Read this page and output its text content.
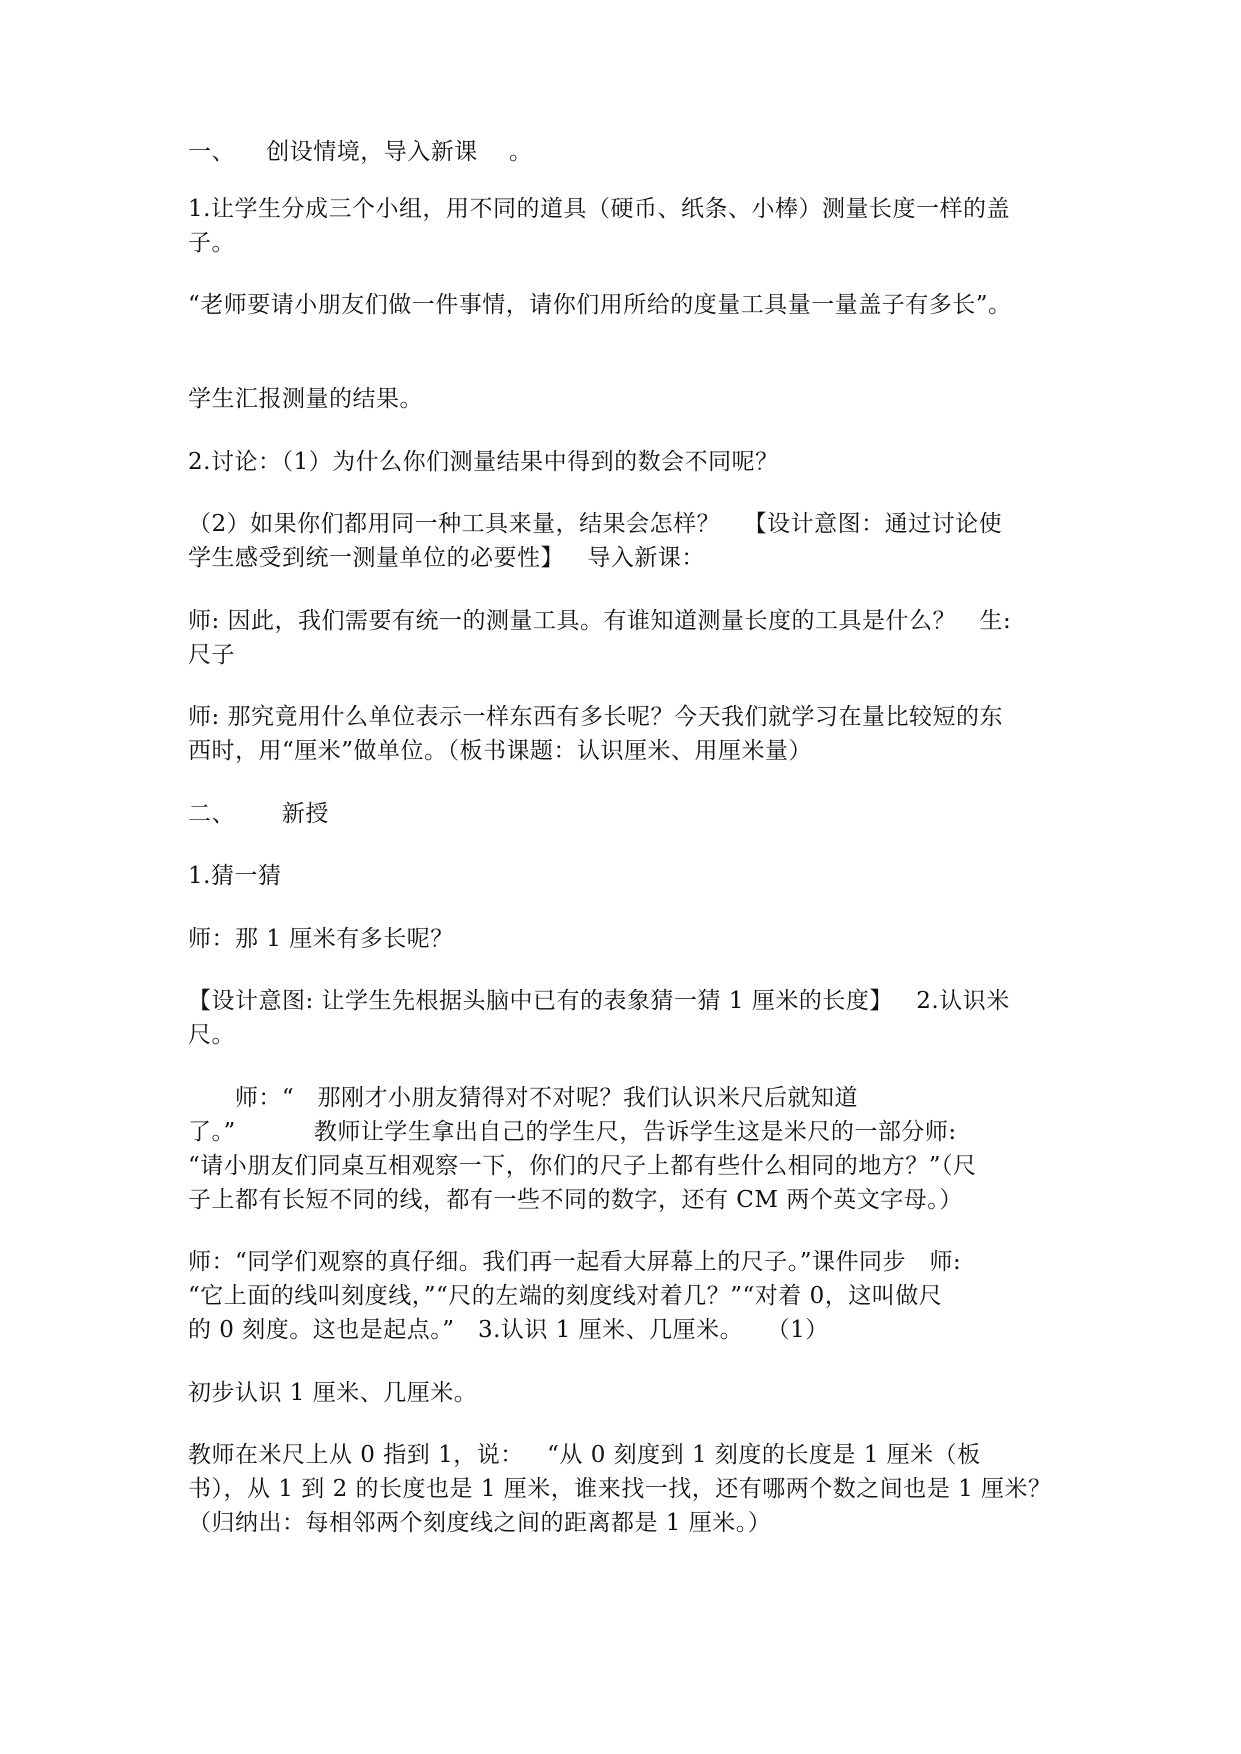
一、    创设情境，导入新课    。
1.让学生分成三个小组，用不同的道具（硬币、纸条、小棒）测量长度一样的盖
子。
“老师要请小朋友们做一件事情，请你们用所给的度量工具量一量盖子有多长”。
学生汇报测量的结果。
2.讨论：（1）为什么你们测量结果中得到的数会不同呢？
（2）如果你们都用同一种工具来量，结果会怎样？   【设计意图：通过讨论使
学生感受到统一测量单位的必要性】   导入新课：
师: 因此，我们需要有统一的测量工具。有谁知道测量长度的工具是什么？   生:
尺子
师: 那究竟用什么单位表示一样东西有多长呢？今天我们就学习在量比较短的东
西时，用“厘米”做单位。（板书课题：认识厘米、用厘米量）
二、      新授
1.猜一猜
师：那 1 厘米有多长呢？
【设计意图: 让学生先根据头脑中已有的表象猜一猜 1 厘米的长度】   2.认识米
尺。
师：“   那刚才小朋友猜得对不对呢？我们认识米尺后就知道
了。”          教师让学生拿出自己的学生尺，告诉学生这是米尺的一部分师:
“请小朋友们同桌互相观察一下，你们的尺子上都有些什么相同的地方？”（尺
子上都有长短不同的线，都有一些不同的数字，还有 CM 两个英文字母。）
师：“同学们观察的真仔细。我们再一起看大屏幕上的尺子。”课件同步   师:
“它上面的线叫刻度线，”“尺的左端的刻度线对着几？”“对着 0，这叫做尺
的 0 刻度。这也是起点。”   3.认识 1 厘米、几厘米。   （1）
初步认识 1 厘米、几厘米。
教师在米尺上从 0 指到 1，说：   “从 0 刻度到 1 刻度的长度是 1 厘米（板
书），从 1 到 2 的长度也是 1 厘米，谁来找一找，还有哪两个数之间也是 1 厘米？
（归纳出：每相邻两个刻度线之间的距离都是 1 厘米。）
